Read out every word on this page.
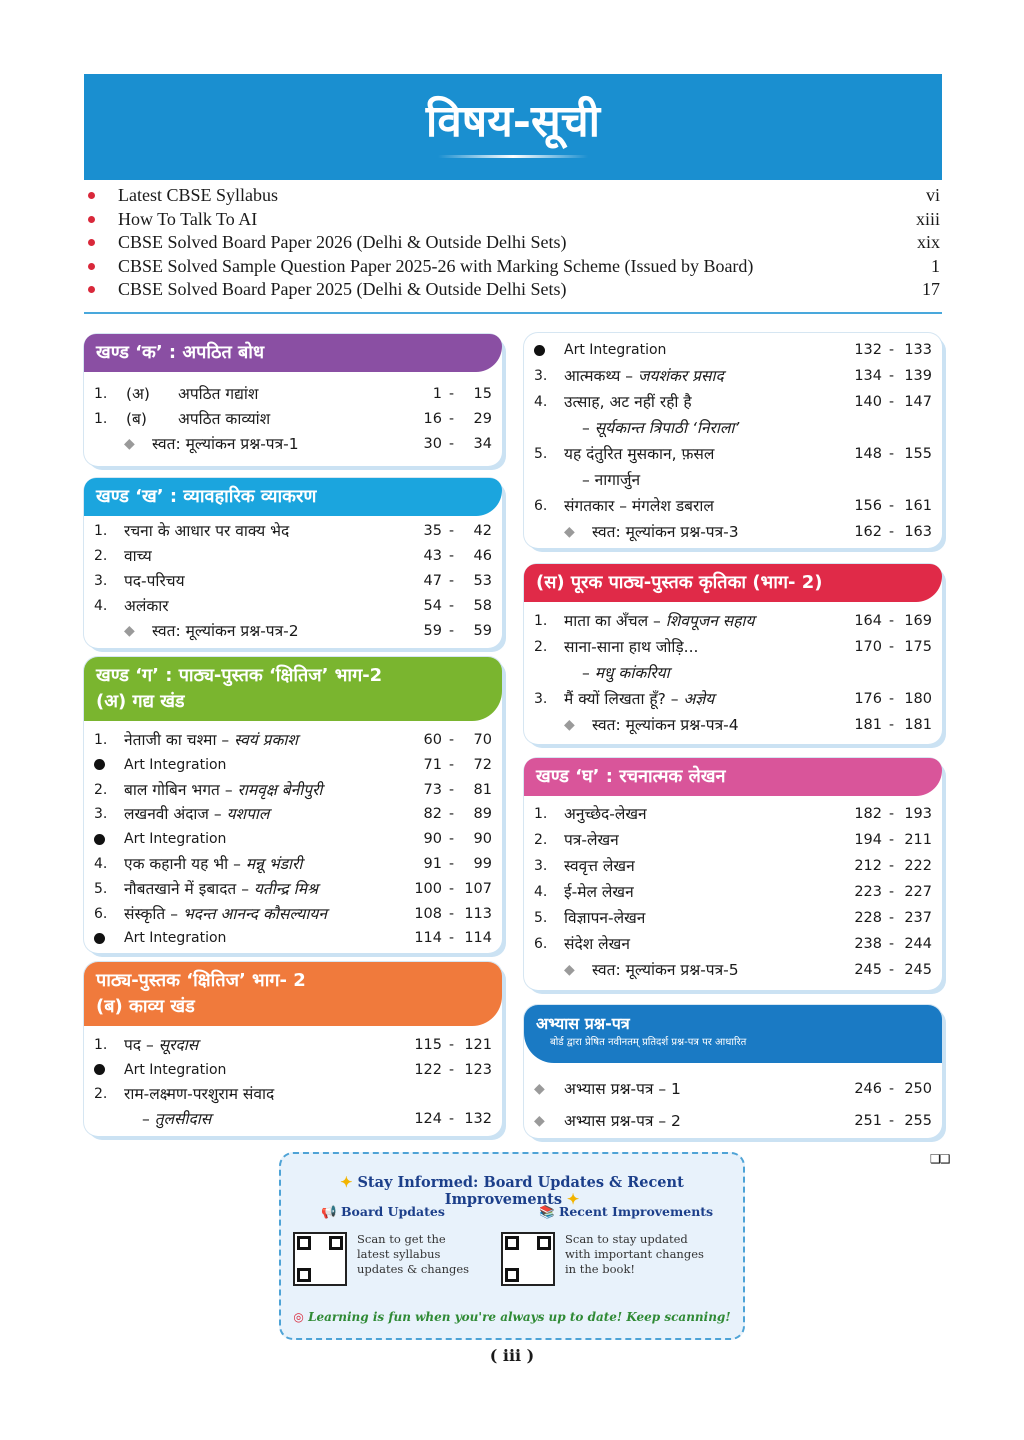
विषय-सूची
Latest CBSE Syllabus	vi
How To Talk To AI	xiii
CBSE Solved Board Paper 2026 (Delhi & Outside Delhi Sets)	xix
CBSE Solved Sample Question Paper 2025-26 with Marking Scheme (Issued by Board)	1
CBSE Solved Board Paper 2025 (Delhi & Outside Delhi Sets)	17
खण्ड ‘क’ : अपठित बोध
1. (अ) अपठित गद्यांश	1 -	15
1. (ब) अपठित काव्यांश	16 -	29
◆ स्वत: मूल्यांकन प्रश्न-पत्र-1	30 -	34
खण्ड ‘ख’ : व्यावहारिक व्याकरण
1. रचना के आधार पर वाक्य भेद	35 -	42
2. वाच्य	43 -	46
3. पद-परिचय	47 -	53
4. अलंकार	54 -	58
◆ स्वत: मूल्यांकन प्रश्न-पत्र-2	59 -	59
खण्ड ‘ग’ : पाठ्य-पुस्तक ‘क्षितिज’ भाग-2
(अ) गद्य खंड
1. नेताजी का चश्मा – स्वयं प्रकाश	60 -	70
Art Integration	71 -	72
2. बाल गोबिन भगत – रामवृक्ष बेनीपुरी	73 -	81
3. लखनवी अंदाज – यशपाल	82 -	89
Art Integration	90 -	90
4. एक कहानी यह भी – मन्नू भंडारी	91 -	99
5. नौबतखाने में इबादत – यतीन्द्र मिश्र	100 - 107
6. संस्कृति – भदन्त आनन्द कौसल्यायन	108 - 113
Art Integration	114 - 114
पाठ्य-पुस्तक ‘क्षितिज’ भाग- 2
(ब) काव्य खंड
1. पद – सूरदास	115 - 121
Art Integration	122 - 123
2. राम-लक्ष्मण-परशुराम संवाद
– तुलसीदास	124 - 132
Art Integration	132 - 133
3. आत्मकथ्य – जयशंकर प्रसाद	134 - 139
4. उत्साह, अट नहीं रही है	140 - 147
– सूर्यकान्त त्रिपाठी ‘निराला’
5. यह दंतुरित मुसकान, फ़सल	148 - 155
– नागार्जुन
6. संगतकार – मंगलेश डबराल	156 - 161
◆ स्वत: मूल्यांकन प्रश्न-पत्र-3	162 - 163
(स) पूरक पाठ्य-पुस्तक कृतिका (भाग- 2)
1. माता का अँचल – शिवपूजन सहाय	164 - 169
2. साना-साना हाथ जोड़ि...	170 - 175
– मधु कांकरिया
3. मैं क्यों लिखता हूँ? – अज्ञेय	176 - 180
◆ स्वत: मूल्यांकन प्रश्न-पत्र-4	181 - 181
खण्ड ‘घ’ : रचनात्मक लेखन
1. अनुच्छेद-लेखन	182 - 193
2. पत्र-लेखन	194 - 211
3. स्ववृत्त लेखन	212 - 222
4. ई-मेल लेखन	223 - 227
5. विज्ञापन-लेखन	228 - 237
6. संदेश लेखन	238 - 244
◆ स्वत: मूल्यांकन प्रश्न-पत्र-5	245 - 245
अभ्यास प्रश्न-पत्र
बोर्ड द्वारा प्रेषित नवीनतम् प्रतिदर्श प्रश्न-पत्र पर आधारित
◆ अभ्यास प्रश्न-पत्र – 1	246 - 250
◆ अभ्यास प्रश्न-पत्र – 2	251 - 255
❑❑
✦ Stay Informed: Board Updates & Recent Improvements ✦
📢 Board Updates
Scan to get the latest syllabus updates & changes
📚 Recent Improvements
Scan to stay updated with important changes in the book!
◎ Learning is fun when you're always up to date! Keep scanning!
( iii )
